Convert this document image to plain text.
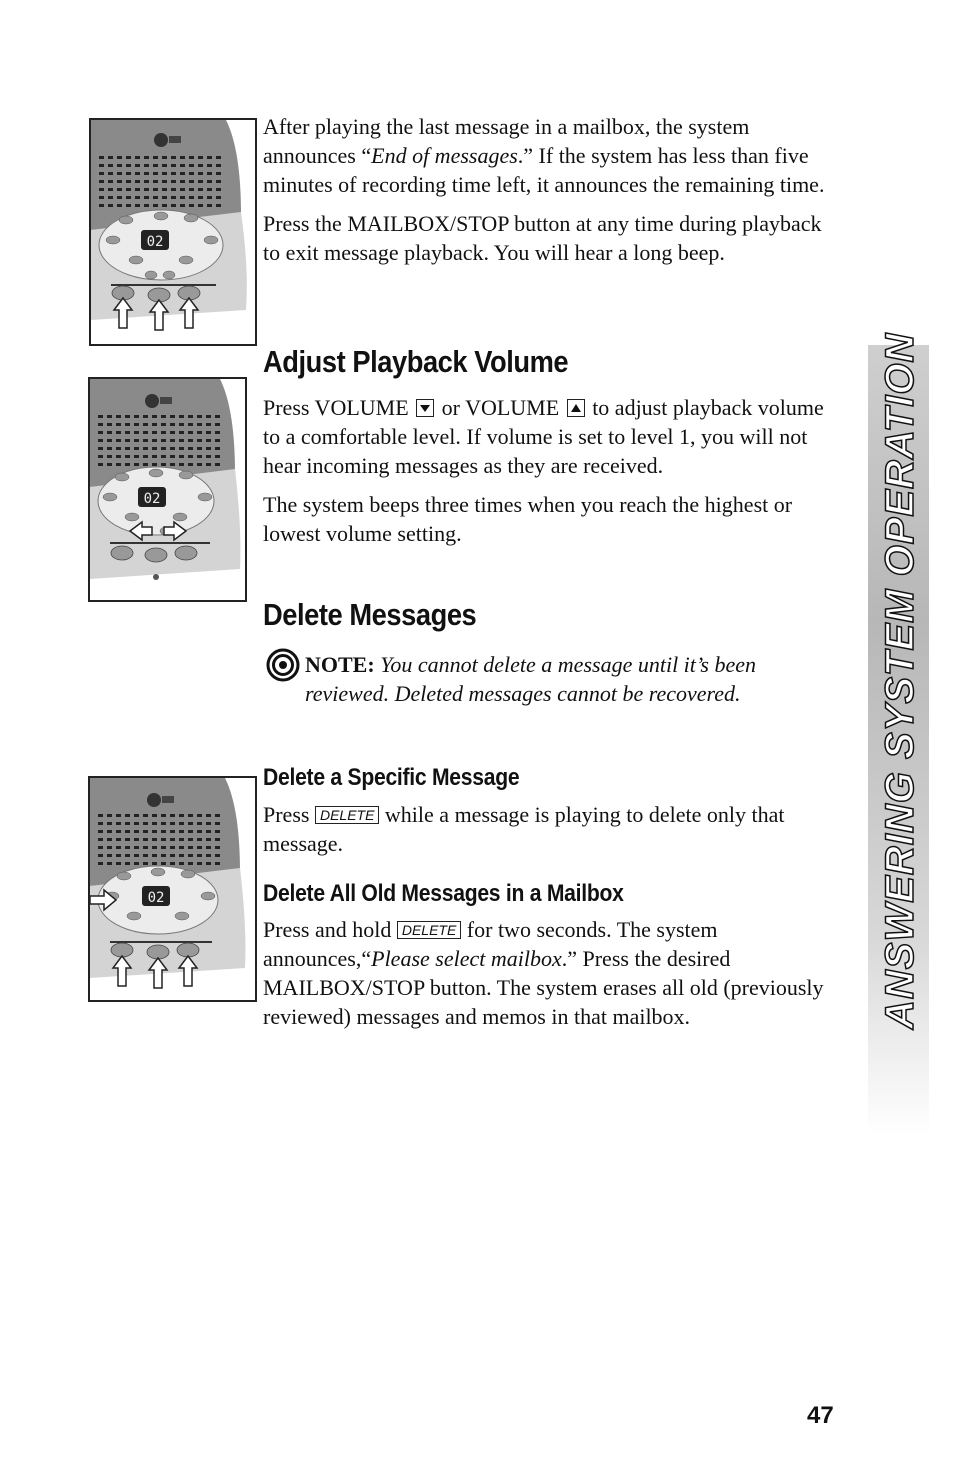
02
02
02

After playing the last message in a mailbox, the system announces “End of messages.” If the system has less than five minutes of recording time left, it announces the remaining time.

Press the MAILBOX/STOP button at any time during playback to exit message playback. You will hear a long beep.

Adjust Playback Volume

Press VOLUME or VOLUME to adjust playback volume to a comfortable level. If volume is set to level 1, you will not hear incoming messages as they are received.

The system beeps three times when you reach the highest or lowest volume setting.

Delete Messages
NOTE: You cannot delete a message until it’s been reviewed. Deleted messages cannot be recovered.
Delete a Specific Message
Press DELETE while a message is playing to delete only that message.
Delete All Old Messages in a Mailbox
Press and hold DELETE for two seconds. The system announces,“Please select mailbox.” Press the desired MAILBOX/STOP button. The system erases all old (previously reviewed) messages and memos in that mailbox.	ANSWERING SYSTEM OPERATION
47
